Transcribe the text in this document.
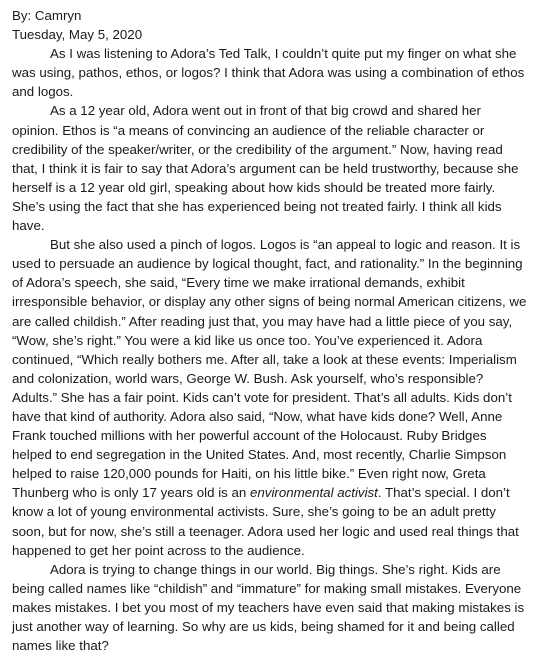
By: Camryn

Tuesday, May 5, 2020

As I was listening to Adora’s Ted Talk, I couldn’t quite put my finger on what she was using, pathos, ethos, or logos? I think that Adora was using a combination of ethos and logos.

As a 12 year old, Adora went out in front of that big crowd and shared her opinion. Ethos is “a means of convincing an audience of the reliable character or credibility of the speaker/writer, or the credibility of the argument.” Now, having read that, I think it is fair to say that Adora’s argument can be held trustworthy, because she herself is a 12 year old girl, speaking about how kids should be treated more fairly. She’s using the fact that she has experienced being not treated fairly. I think all kids have.

But she also used a pinch of logos. Logos is “an appeal to logic and reason. It is used to persuade an audience by logical thought, fact, and rationality.” In the beginning of Adora’s speech, she said, “Every time we make irrational demands, exhibit irresponsible behavior, or display any other signs of being normal American citizens, we are called childish.” After reading just that, you may have had a little piece of you say, “Wow, she’s right.” You were a kid like us once too. You’ve experienced it. Adora continued, “Which really bothers me. After all, take a look at these events: Imperialism and colonization, world wars, George W. Bush. Ask yourself, who’s responsible? Adults.” She has a fair point. Kids can’t vote for president. That’s all adults. Kids don’t have that kind of authority. Adora also said, “Now, what have kids done? Well, Anne Frank touched millions with her powerful account of the Holocaust. Ruby Bridges helped to end segregation in the United States. And, most recently, Charlie Simpson helped to raise 120,000 pounds for Haiti, on his little bike.” Even right now, Greta Thunberg who is only 17 years old is an environmental activist. That’s special. I don’t know a lot of young environmental activists. Sure, she’s going to be an adult pretty soon, but for now, she’s still a teenager. Adora used her logic and used real things that happened to get her point across to the audience.

Adora is trying to change things in our world. Big things. She’s right. Kids are being called names like “childish” and “immature” for making small mistakes. Everyone makes mistakes. I bet you most of my teachers have even said that making mistakes is just another way of learning. So why are us kids, being shamed for it and being called names like that?
